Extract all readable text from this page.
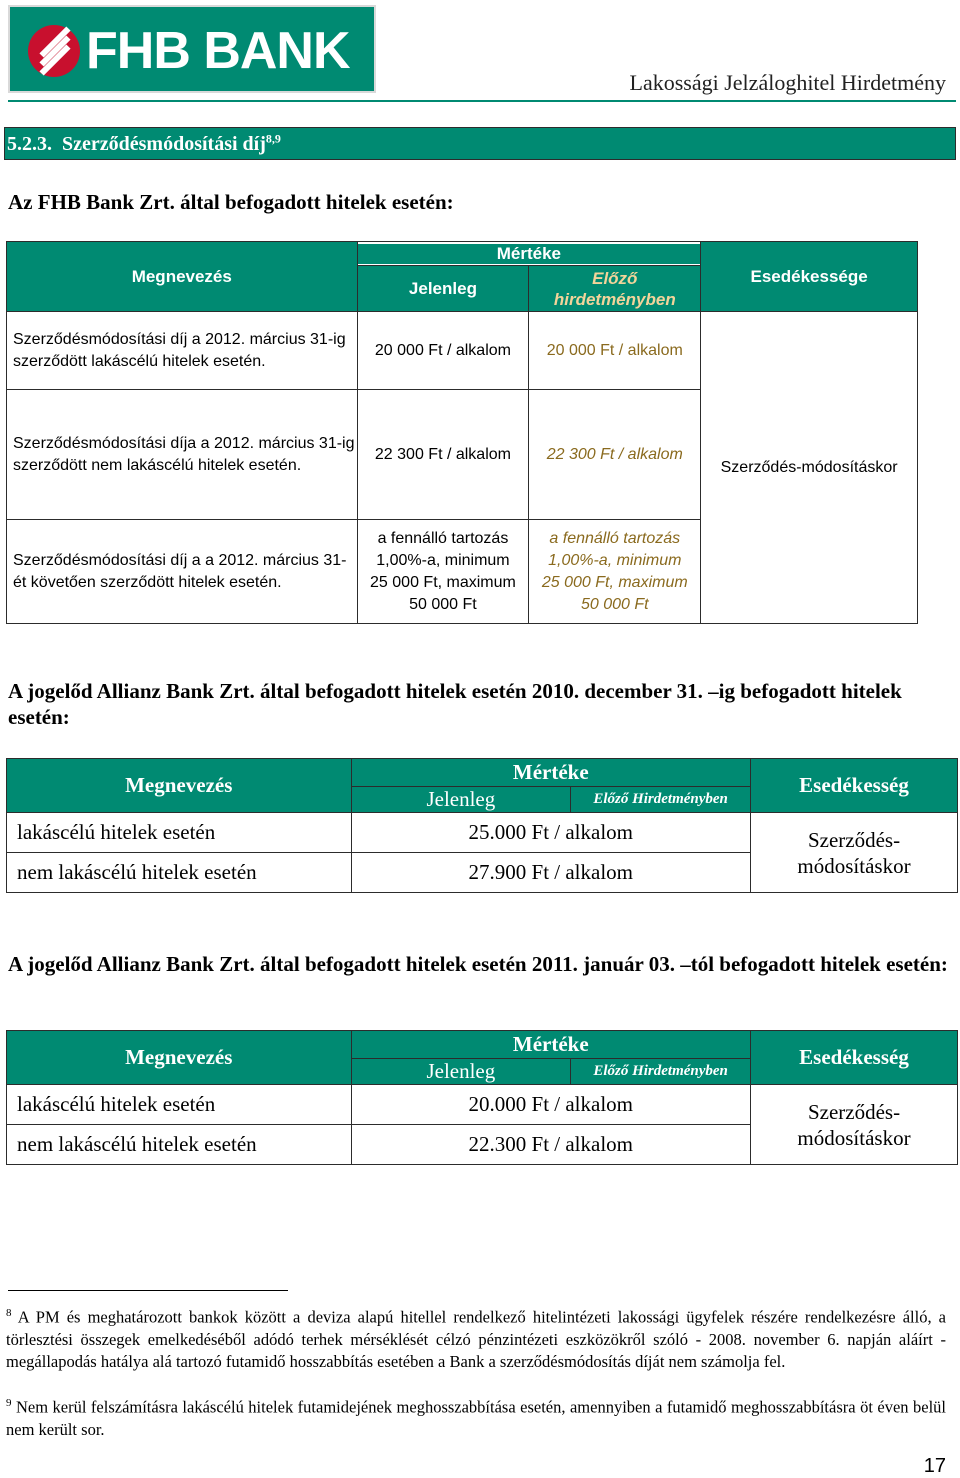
FHB BANK
Lakossági Jelzáloghitel Hirdetmény
5.2.3. Szerződésmódosítási díj$^{8,9}$
Az FHB Bank Zrt. által befogadott hitelek esetén:
Megnevezés	Mértéke		Esedékessége
	Jelenleg	Előző hirdetményben	
Szerződésmódosítási díj a 2012. március 31-ig szerződött lakáscélú hitelek esetén.	20 000 Ft / alkalom	20 000 Ft / alkalom	Szerződés-módosításkor
Szerződésmódosítási díja a 2012. március 31-ig szerződött nem lakáscélú hitelek esetén.	22 300 Ft / alkalom	22 300 Ft / alkalom	
Szerződésmódosítási díj a a 2012. március 31-ét követően szerződött hitelek esetén.	a fennálló tartozás 1,00%-a, minimum 25 000 Ft, maximum 50 000 Ft	a fennálló tartozás 1,00%-a, minimum 25 000 Ft, maximum 50 000 Ft	
A jogelőd Allianz Bank Zrt. által befogadott hitelek esetén 2010. december 31. –ig befogadott hitelek esetén:
Megnevezés	Mértéke		Esedékesség
	Jelenleg	Előző Hirdetményben	
lakáscélú hitelek esetén	25.000 Ft / alkalom		Szerződés-módosításkor
nem lakáscélú hitelek esetén	27.900 Ft / alkalom		
A jogelőd Allianz Bank Zrt. által befogadott hitelek esetén 2011. január 03. –tól befogadott hitelek esetén:
Megnevezés	Mértéke		Esedékesség
	Jelenleg	Előző Hirdetményben	
lakáscélú hitelek esetén	20.000 Ft / alkalom		Szerződés-módosításkor
nem lakáscélú hitelek esetén	22.300 Ft / alkalom		
$^8$ A PM és meghatározott bankok között a deviza alapú hitellel rendelkező hitelintézeti lakossági ügyfelek részére rendelkezésre álló, a törlesztési összegek emelkedéséből adódó terhek mérséklését célzó pénzintézeti eszközökről szóló - 2008. november 6. napján aláírt - megállapodás hatálya alá tartozó futamidő hosszabbítás esetében a Bank a szerződésmódosítás díját nem számolja fel.
$^9$ Nem kerül felszámításra lakáscélú hitelek futamidejének meghosszabbítása esetén, amennyiben a futamidő meghosszabbításra öt éven belül nem került sor.
17
